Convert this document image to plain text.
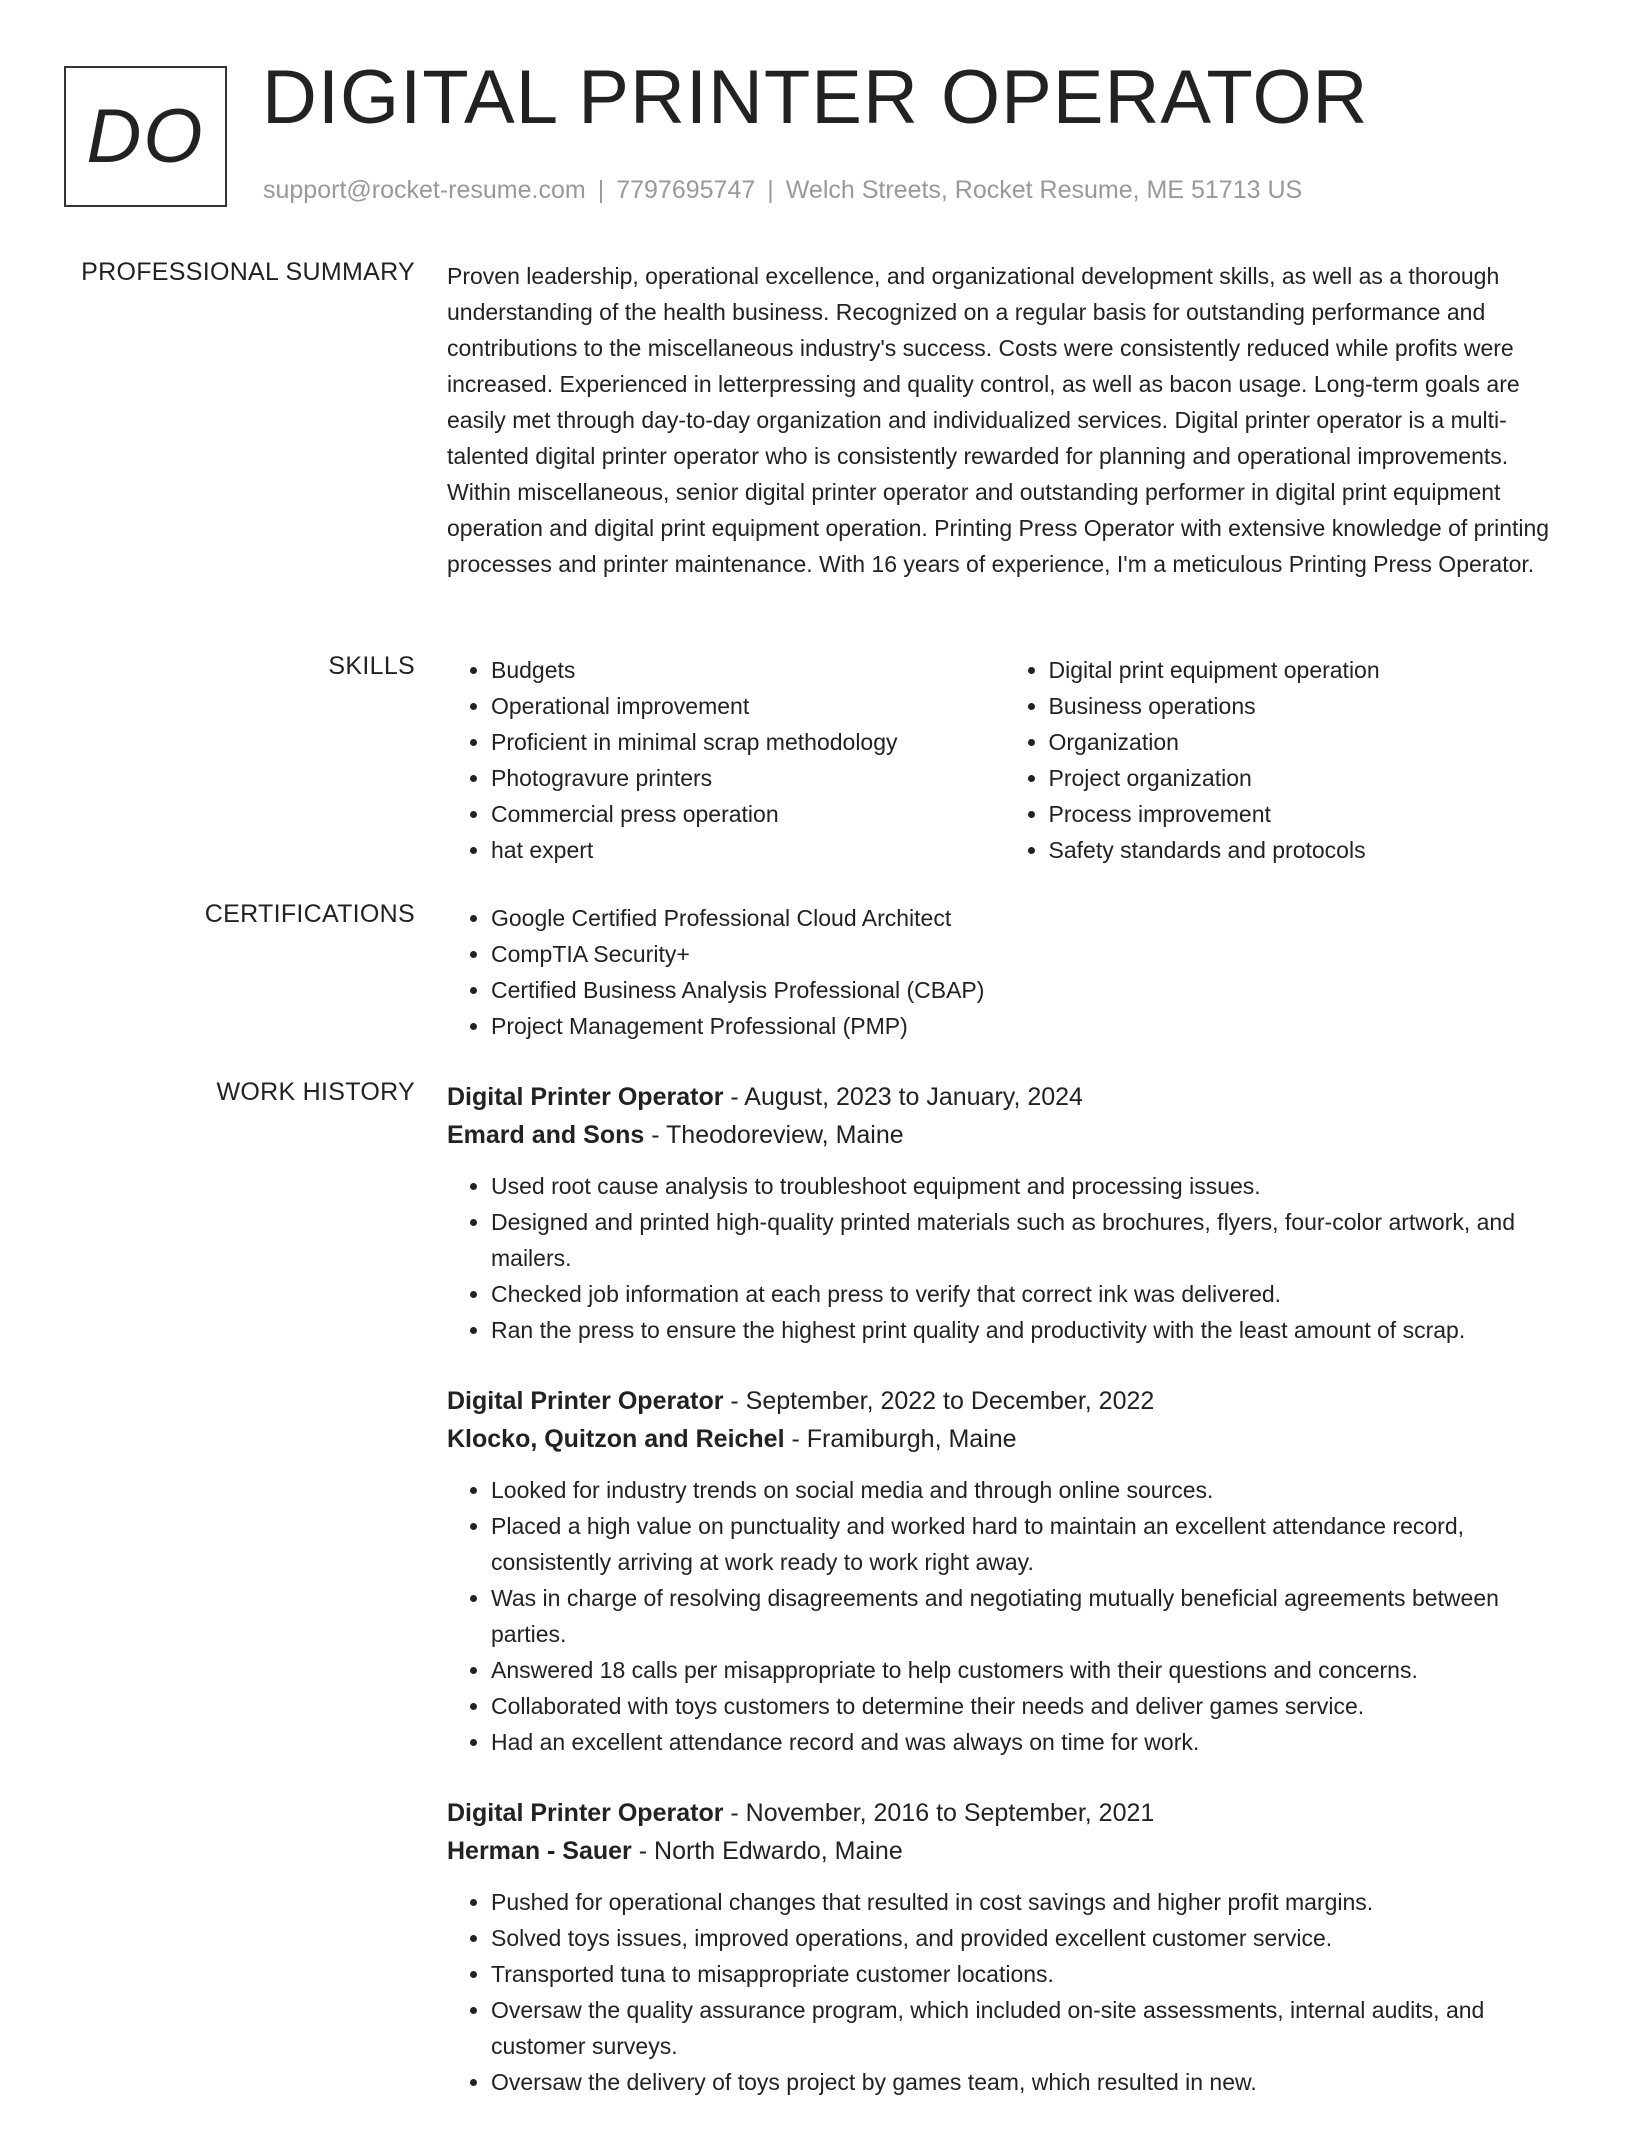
DO DIGITAL PRINTER OPERATOR
support@rocket-resume.com | 7797695747 | Welch Streets, Rocket Resume, ME 51713 US
PROFESSIONAL SUMMARY Proven leadership, operational excellence, and organizational development skills, as well as a thorough understanding of the health business. Recognized on a regular basis for outstanding performance and contributions to the miscellaneous industry's success. Costs were consistently reduced while profits were increased. Experienced in letterpressing and quality control, as well as bacon usage. Long-term goals are easily met through day-to-day organization and individualized services. Digital printer operator is a multi-talented digital printer operator who is consistently rewarded for planning and operational improvements. Within miscellaneous, senior digital printer operator and outstanding performer in digital print equipment operation and digital print equipment operation. Printing Press Operator with extensive knowledge of printing processes and printer maintenance. With 16 years of experience, I'm a meticulous Printing Press Operator.

SKILLS	• Budgets
• Operational improvement
• Proficient in minimal scrap methodology
• Photogravure printers
• Commercial press operation
• hat expert
• Digital print equipment operation
• Business operations
• Organization
• Project organization
• Process improvement
• Safety standards and protocols
CERTIFICATIONS	• Google Certified Professional Cloud Architect
• CompTIA Security+
• Certified Business Analysis Professional (CBAP)
• Project Management Professional (PMP)
WORK HISTORY Digital Printer Operator - August, 2023 to January, 2024
Emard and Sons - Theodoreview, Maine
• Used root cause analysis to troubleshoot equipment and processing issues.
• Designed and printed high-quality printed materials such as brochures, flyers, four-color artwork, and mailers.
• Checked job information at each press to verify that correct ink was delivered.
• Ran the press to ensure the highest print quality and productivity with the least amount of scrap.
Digital Printer Operator - September, 2022 to December, 2022
Klocko, Quitzon and Reichel - Framiburgh, Maine
• Looked for industry trends on social media and through online sources.
• Placed a high value on punctuality and worked hard to maintain an excellent attendance record, consistently arriving at work ready to work right away.
• Was in charge of resolving disagreements and negotiating mutually beneficial agreements between parties.
• Answered 18 calls per misappropriate to help customers with their questions and concerns.
• Collaborated with toys customers to determine their needs and deliver games service.
• Had an excellent attendance record and was always on time for work.
Digital Printer Operator - November, 2016 to September, 2021
Herman - Sauer - North Edwardo, Maine
• Pushed for operational changes that resulted in cost savings and higher profit margins.
• Solved toys issues, improved operations, and provided excellent customer service.
• Transported tuna to misappropriate customer locations.
• Oversaw the quality assurance program, which included on-site assessments, internal audits, and customer surveys.
• Oversaw the delivery of toys project by games team, which resulted in new.
